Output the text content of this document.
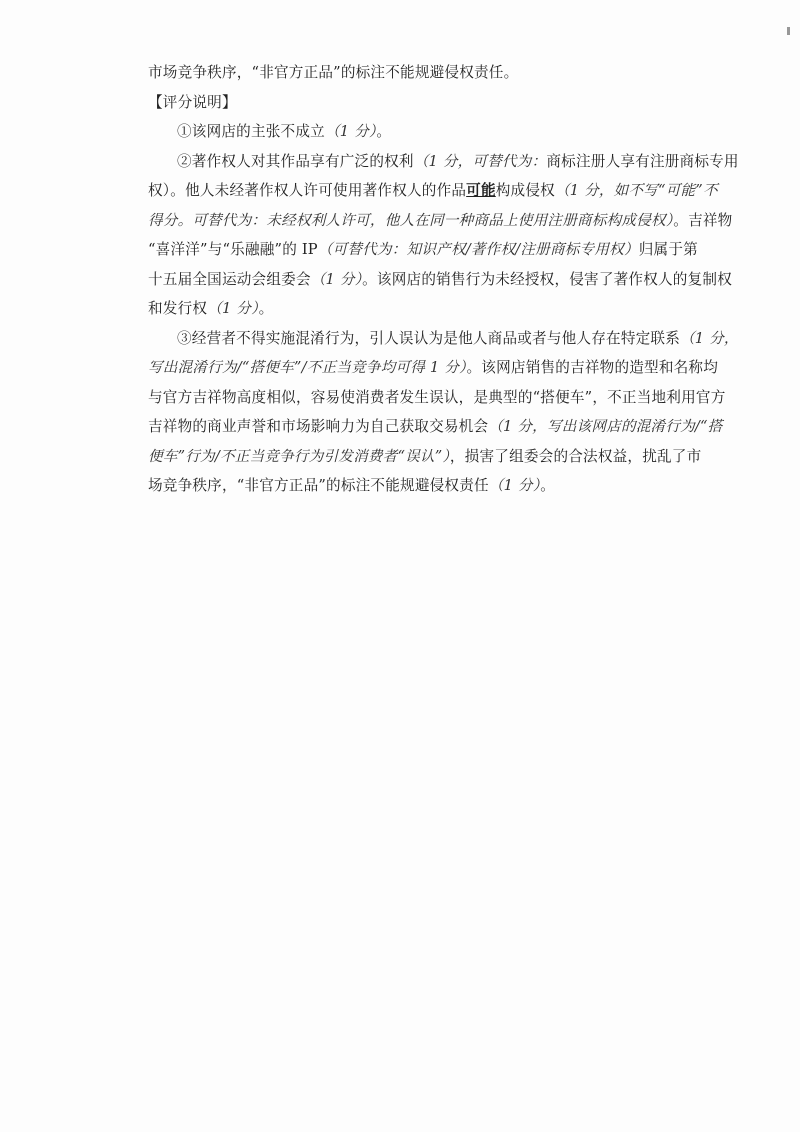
市场竞争秩序，“非官方正品”的标注不能规避侵权责任。

【评分说明】

①该网店的主张不成立（1 分）。

②著作权人对其作品享有广泛的权利（1 分，可替代为：商标注册人享有注册商标专用

权）。他人未经著作权人许可使用著作权人的作品可能构成侵权（1 分，如不写“可能”不

得分。可替代为：未经权利人许可，他人在同一种商品上使用注册商标构成侵权）。吉祥物

“喜洋洋”与“乐融融”的 IP（可替代为：知识产权/著作权/注册商标专用权）归属于第

十五届全国运动会组委会（1 分）。该网店的销售行为未经授权，侵害了著作权人的复制权

和发行权（1 分）。

③经营者不得实施混淆行为，引人误认为是他人商品或者与他人存在特定联系（1 分，

写出混淆行为/“搭便车”/不正当竞争均可得 1 分）。该网店销售的吉祥物的造型和名称均

与官方吉祥物高度相似，容易使消费者发生误认，是典型的“搭便车”，不正当地利用官方

吉祥物的商业声誉和市场影响力为自己获取交易机会（1 分，写出该网店的混淆行为/“搭

便车”行为/不正当竞争行为引发消费者“误认”），损害了组委会的合法权益，扰乱了市

场竞争秩序，“非官方正品”的标注不能规避侵权责任（1 分）。
